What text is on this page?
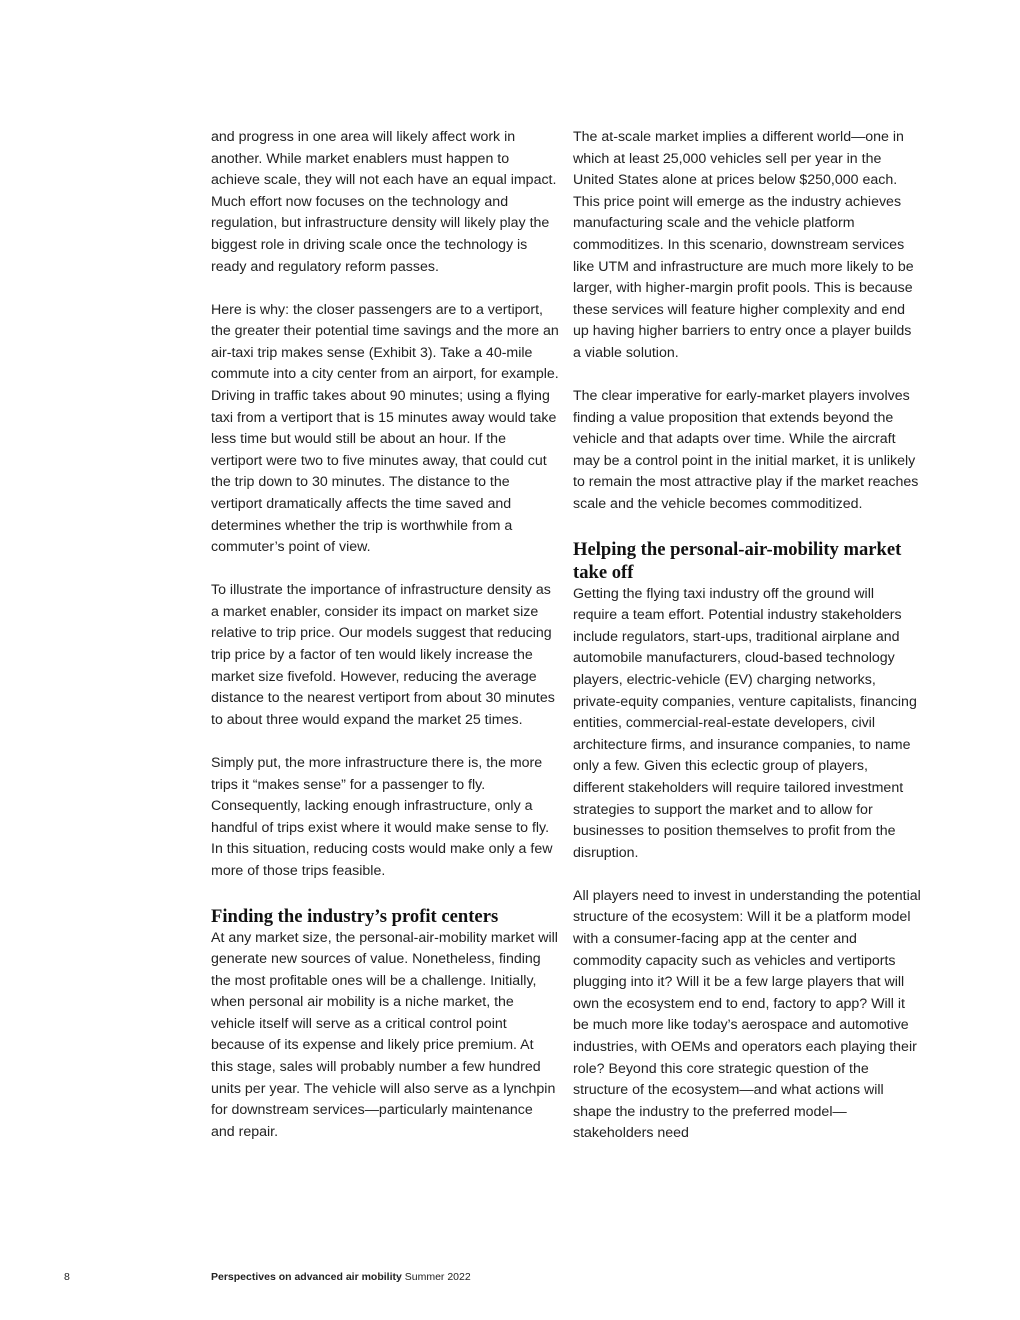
and progress in one area will likely affect work in another. While market enablers must happen to achieve scale, they will not each have an equal impact. Much effort now focuses on the technology and regulation, but infrastructure density will likely play the biggest role in driving scale once the technology is ready and regulatory reform passes.

Here is why: the closer passengers are to a vertiport, the greater their potential time savings and the more an air-taxi trip makes sense (Exhibit 3). Take a 40-mile commute into a city center from an airport, for example. Driving in traffic takes about 90 minutes; using a flying taxi from a vertiport that is 15 minutes away would take less time but would still be about an hour. If the vertiport were two to five minutes away, that could cut the trip down to 30 minutes. The distance to the vertiport dramatically affects the time saved and determines whether the trip is worthwhile from a commuter’s point of view.

To illustrate the importance of infrastructure density as a market enabler, consider its impact on market size relative to trip price. Our models suggest that reducing trip price by a factor of ten would likely increase the market size fivefold. However, reducing the average distance to the nearest vertiport from about 30 minutes to about three would expand the market 25 times.

Simply put, the more infrastructure there is, the more trips it “makes sense” for a passenger to fly. Consequently, lacking enough infrastructure, only a handful of trips exist where it would make sense to fly. In this situation, reducing costs would make only a few more of those trips feasible.

Finding the industry’s profit centers

At any market size, the personal-air-mobility market will generate new sources of value. Nonetheless, finding the most profitable ones will be a challenge. Initially, when personal air mobility is a niche market, the vehicle itself will serve as a critical control point because of its expense and likely price premium. At this stage, sales will probably number a few hundred units per year. The vehicle will also serve as a lynchpin for downstream services—particularly maintenance and repair.

The at-scale market implies a different world—one in which at least 25,000 vehicles sell per year in the United States alone at prices below $250,000 each. This price point will emerge as the industry achieves manufacturing scale and the vehicle platform commoditizes. In this scenario, downstream services like UTM and infrastructure are much more likely to be larger, with higher-margin profit pools. This is because these services will feature higher complexity and end up having higher barriers to entry once a player builds a viable solution.

The clear imperative for early-market players involves finding a value proposition that extends beyond the vehicle and that adapts over time. While the aircraft may be a control point in the initial market, it is unlikely to remain the most attractive play if the market reaches scale and the vehicle becomes commoditized.

Helping the personal-air-mobility market take off

Getting the flying taxi industry off the ground will require a team effort. Potential industry stakeholders include regulators, start-ups, traditional airplane and automobile manufacturers, cloud-based technology players, electric-vehicle (EV) charging networks, private-equity companies, venture capitalists, financing entities, commercial-real-estate developers, civil architecture firms, and insurance companies, to name only a few. Given this eclectic group of players, different stakeholders will require tailored investment strategies to support the market and to allow for businesses to position themselves to profit from the disruption.

All players need to invest in understanding the potential structure of the ecosystem: Will it be a platform model with a consumer-facing app at the center and commodity capacity such as vehicles and vertiports plugging into it? Will it be a few large players that will own the ecosystem end to end, factory to app? Will it be much more like today’s aerospace and automotive industries, with OEMs and operators each playing their role? Beyond this core strategic question of the structure of the ecosystem—and what actions will shape the industry to the preferred model—stakeholders need

8	Perspectives on advanced air mobility Summer 2022
